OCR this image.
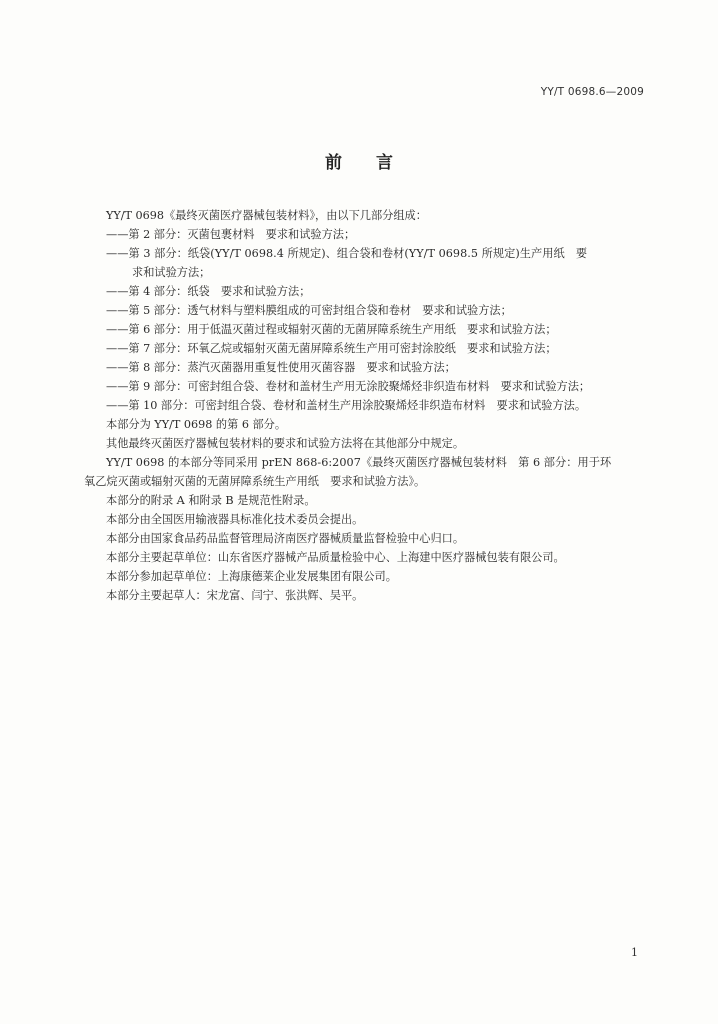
YY/T 0698.6—2009
前言

YY/T 0698《最终灭菌医疗器械包装材料》，由以下几部分组成：

——第 2 部分：灭菌包裹材料　要求和试验方法；

——第 3 部分：纸袋(YY/T 0698.4 所规定)、组合袋和卷材(YY/T 0698.5 所规定)生产用纸　要

求和试验方法；

——第 4 部分：纸袋　要求和试验方法；

——第 5 部分：透气材料与塑料膜组成的可密封组合袋和卷材　要求和试验方法；

——第 6 部分：用于低温灭菌过程或辐射灭菌的无菌屏障系统生产用纸　要求和试验方法；

——第 7 部分：环氧乙烷或辐射灭菌无菌屏障系统生产用可密封涂胶纸　要求和试验方法；

——第 8 部分：蒸汽灭菌器用重复性使用灭菌容器　要求和试验方法；

——第 9 部分：可密封组合袋、卷材和盖材生产用无涂胶聚烯烃非织造布材料　要求和试验方法；

——第 10 部分：可密封组合袋、卷材和盖材生产用涂胶聚烯烃非织造布材料　要求和试验方法。

本部分为 YY/T 0698 的第 6 部分。

其他最终灭菌医疗器械包装材料的要求和试验方法将在其他部分中规定。

YY/T 0698 的本部分等同采用 prEN 868-6:2007《最终灭菌医疗器械包装材料　第 6 部分：用于环

氧乙烷灭菌或辐射灭菌的无菌屏障系统生产用纸　要求和试验方法》。

本部分的附录 A 和附录 B 是规范性附录。

本部分由全国医用输液器具标准化技术委员会提出。

本部分由国家食品药品监督管理局济南医疗器械质量监督检验中心归口。

本部分主要起草单位：山东省医疗器械产品质量检验中心、上海建中医疗器械包装有限公司。

本部分参加起草单位：上海康德莱企业发展集团有限公司。

本部分主要起草人：宋龙富、闫宁、张洪辉、吴平。

1
